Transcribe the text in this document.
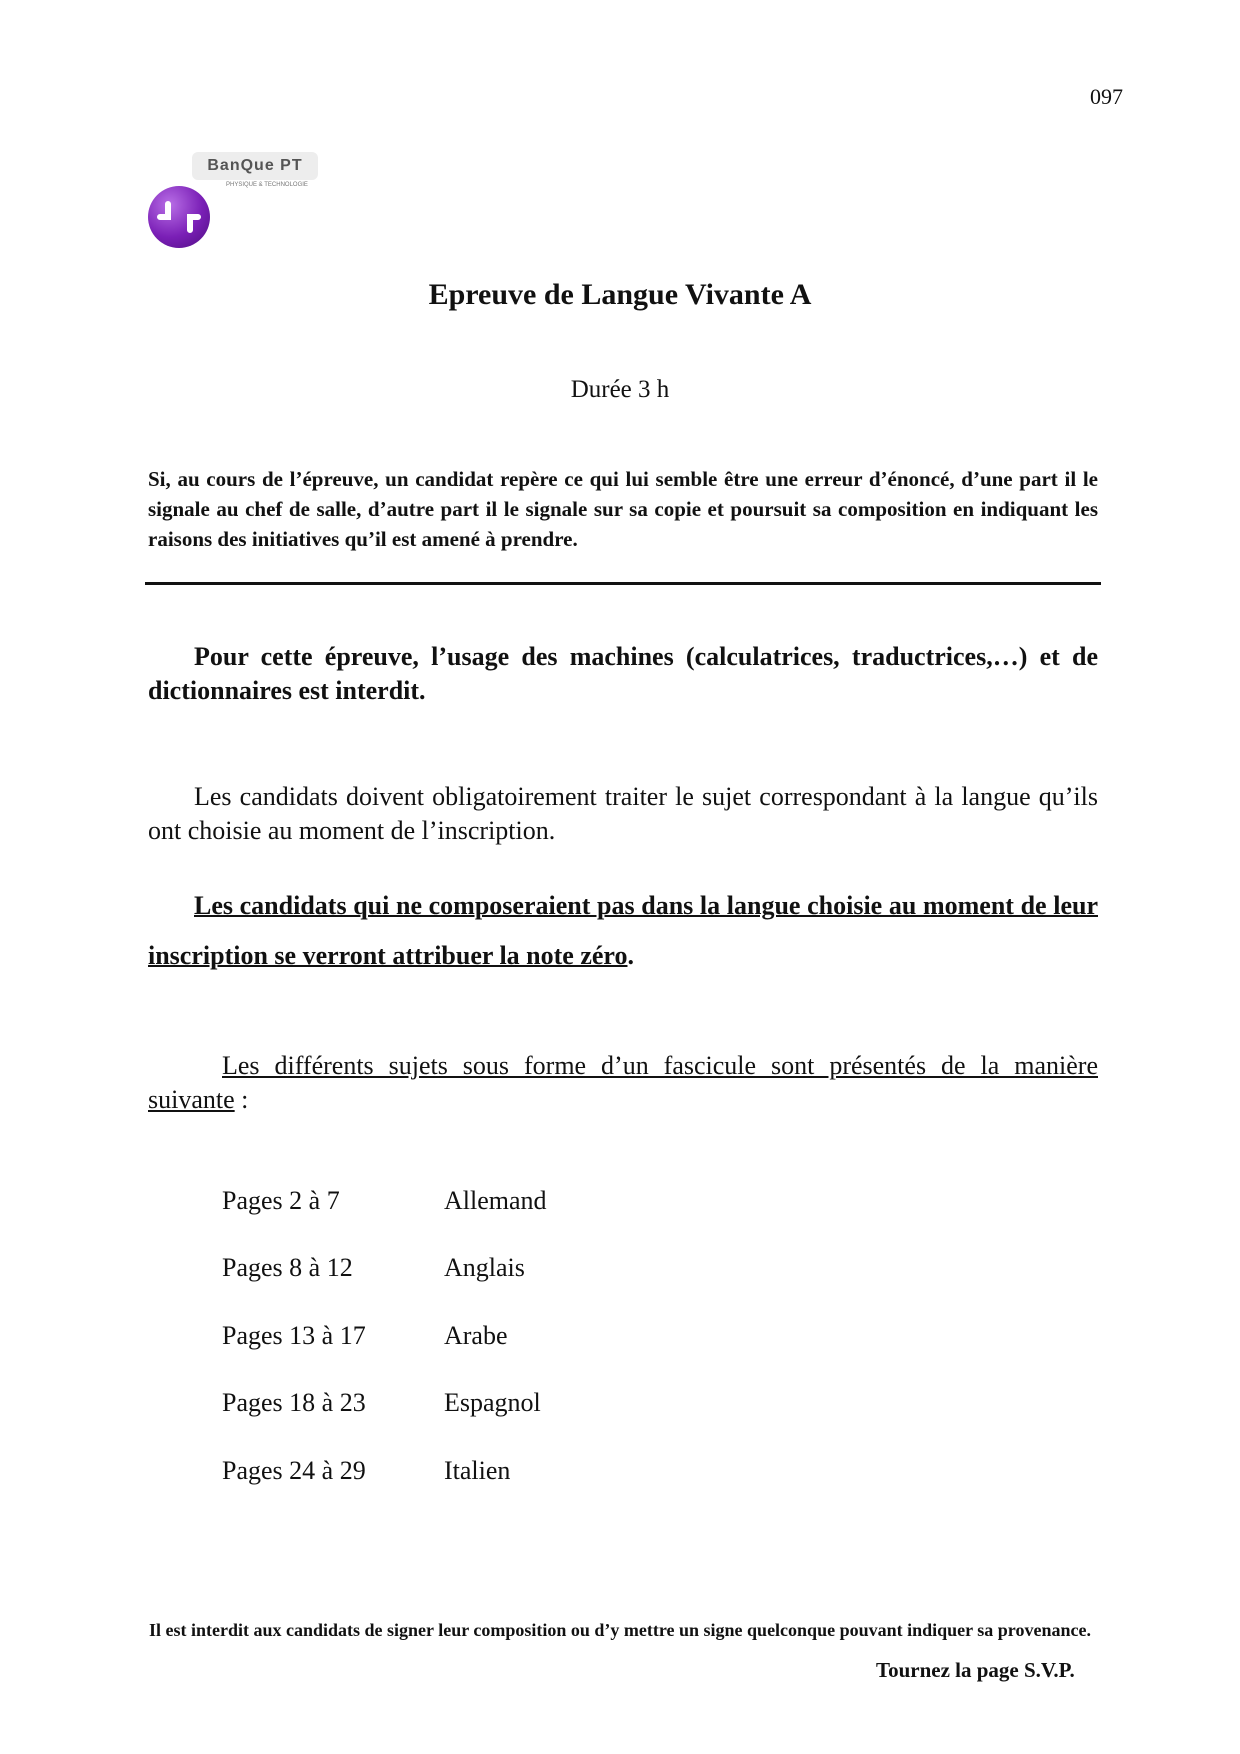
097
BanQue PT
PHYSIQUE & TECHNOLOGIE
Epreuve de Langue Vivante A
Durée 3 h
Si, au cours de l’épreuve, un candidat repère ce qui lui semble être une erreur d’énoncé, d’une part il le signale au chef de salle, d’autre part il le signale sur sa copie et poursuit sa composition en indiquant les raisons des initiatives qu’il est amené à prendre.
Pour cette épreuve, l’usage des machines (calculatrices, traductrices,…) et de dictionnaires est interdit.
Les candidats doivent obligatoirement traiter le sujet correspondant à la langue qu’ils ont choisie au moment de l’inscription.
Les candidats qui ne composeraient pas dans la langue choisie au moment de leur inscription se verront attribuer la note zéro.
Les différents sujets sous forme d’un fascicule sont présentés de la manière suivante :
Pages 2 à 7	Allemand
Pages 8 à 12	Anglais
Pages 13 à 17	Arabe
Pages 18 à 23	Espagnol
Pages 24 à 29	Italien
Il est interdit aux candidats de signer leur composition ou d’y mettre un signe quelconque pouvant indiquer sa provenance.
Tournez la page S.V.P.
